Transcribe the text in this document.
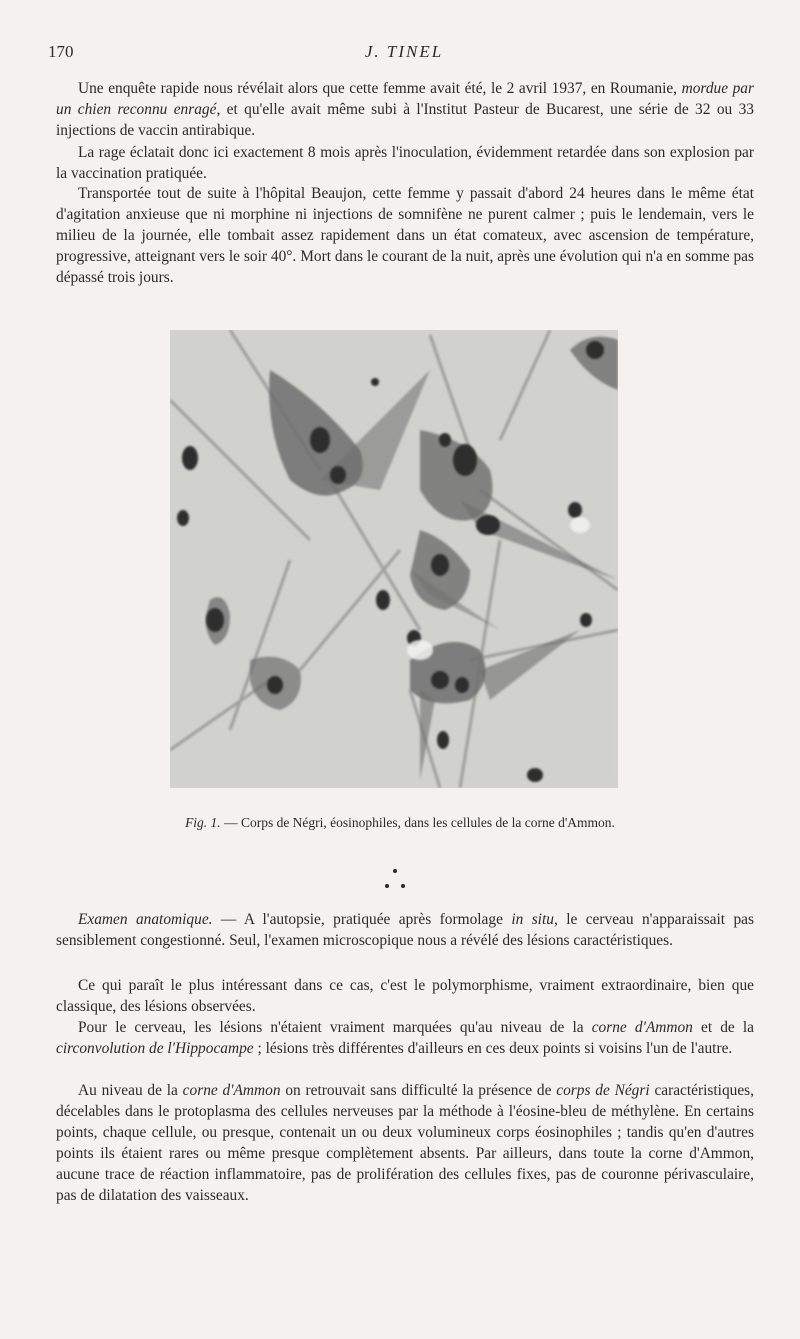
170	J. TINEL

Une enquête rapide nous révélait alors que cette femme avait été, le 2 avril 1937, en Roumanie, mordue par un chien reconnu enragé, et qu'elle avait même subi à l'Institut Pasteur de Bucarest, une série de 32 ou 33 injections de vaccin antirabique.

La rage éclatait donc ici exactement 8 mois après l'inoculation, évidemment retardée dans son explosion par la vaccination pratiquée.

Transportée tout de suite à l'hôpital Beaujon, cette femme y passait d'abord 24 heures dans le même état d'agitation anxieuse que ni morphine ni injections de somnifène ne purent calmer ; puis le lendemain, vers le milieu de la journée, elle tombait assez rapidement dans un état comateux, avec ascension de température, progressive, atteignant vers le soir 40°. Mort dans le courant de la nuit, après une évolution qui n'a en somme pas dépassé trois jours.

Fig. 1. — Corps de Négri, éosinophiles, dans les cellules de la corne d'Ammon.

Examen anatomique. — A l'autopsie, pratiquée après formolage in situ, le cerveau n'apparaissait pas sensiblement congestionné. Seul, l'examen microscopique nous a révélé des lésions caractéristiques.

Ce qui paraît le plus intéressant dans ce cas, c'est le polymorphisme, vraiment extraordinaire, bien que classique, des lésions observées.

Pour le cerveau, les lésions n'étaient vraiment marquées qu'au niveau de la corne d'Ammon et de la circonvolution de l'Hippocampe ; lésions très différentes d'ailleurs en ces deux points si voisins l'un de l'autre.

Au niveau de la corne d'Ammon on retrouvait sans difficulté la présence de corps de Négri caractéristiques, décelables dans le protoplasma des cellules nerveuses par la méthode à l'éosine-bleu de méthylène. En certains points, chaque cellule, ou presque, contenait un ou deux volumineux corps éosinophiles ; tandis qu'en d'autres points ils étaient rares ou même presque complètement absents. Par ailleurs, dans toute la corne d'Ammon, aucune trace de réaction inflammatoire, pas de prolifération des cellules fixes, pas de couronne périvasculaire, pas de dilatation des vaisseaux.
